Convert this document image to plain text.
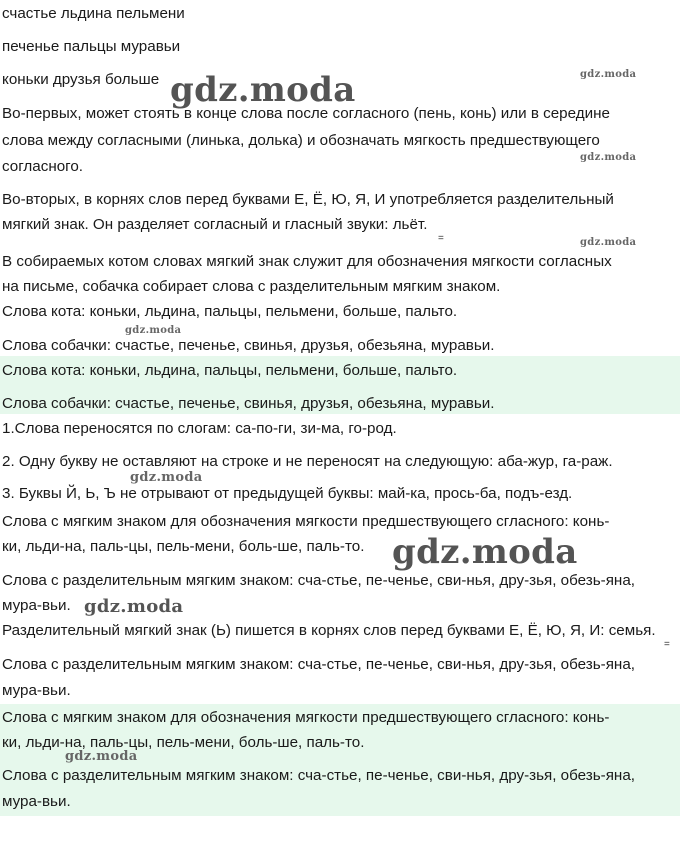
счастье льдина пельмени
печенье пальцы муравьи
коньки друзья больше
Во-первых, может стоять в конце слова после согласного (пень, конь) или в середине
слова между согласными (линька, долька) и обозначать мягкость предшествующего
согласного.
Во-вторых, в корнях слов перед буквами Е, Ё, Ю, Я, И употребляется разделительный
мягкий знак. Он разделяет согласный и гласный звуки: льёт.
В собираемых котом словах мягкий знак служит для обозначения мягкости согласных
на письме, собачка собирает слова с разделительным мягким знаком.
Слова кота: коньки, льдина, пальцы, пельмени, больше, пальто.
Слова собачки: счастье, печенье, свинья, друзья, обезьяна, муравьи.
Слова кота: коньки, льдина, пальцы, пельмени, больше, пальто.
Слова собачки: счастье, печенье, свинья, друзья, обезьяна, муравьи.
1.Слова переносятся по слогам: са-по-ги, зи-ма, го-род.
2. Одну букву не оставляют на строке и не переносят на следующую: аба-жур, га-раж.
3. Буквы Й, Ь, Ъ не отрывают от предыдущей буквы: май-ка, прось-ба, подъ-езд.
Слова с мягким знаком для обозначения мягкости предшествующего сгласного: конь-
ки, льди-на, паль-цы, пель-мени, боль-ше, паль-то.
Слова с разделительным мягким знаком: сча-стье, пе-ченье, сви-нья, дру-зья, обезь-яна,
мура-вьи.
Разделительный мягкий знак (Ь) пишется в корнях слов перед буквами Е, Ё, Ю, Я, И: семья.
Слова с разделительным мягким знаком: сча-стье, пе-ченье, сви-нья, дру-зья, обезь-яна,
мура-вьи.
Слова с мягким знаком для обозначения мягкости предшествующего сгласного: конь-
ки, льди-на, паль-цы, пель-мени, боль-ше, паль-то.
Слова с разделительным мягким знаком: сча-стье, пе-ченье, сви-нья, дру-зья, обезь-яна,
мура-вьи.
=
=
gdz.moda	gdz.moda
gdz.moda
gdz.moda
gdz.moda
gdz.moda
gdz.moda
gdz.moda
gdz.moda
